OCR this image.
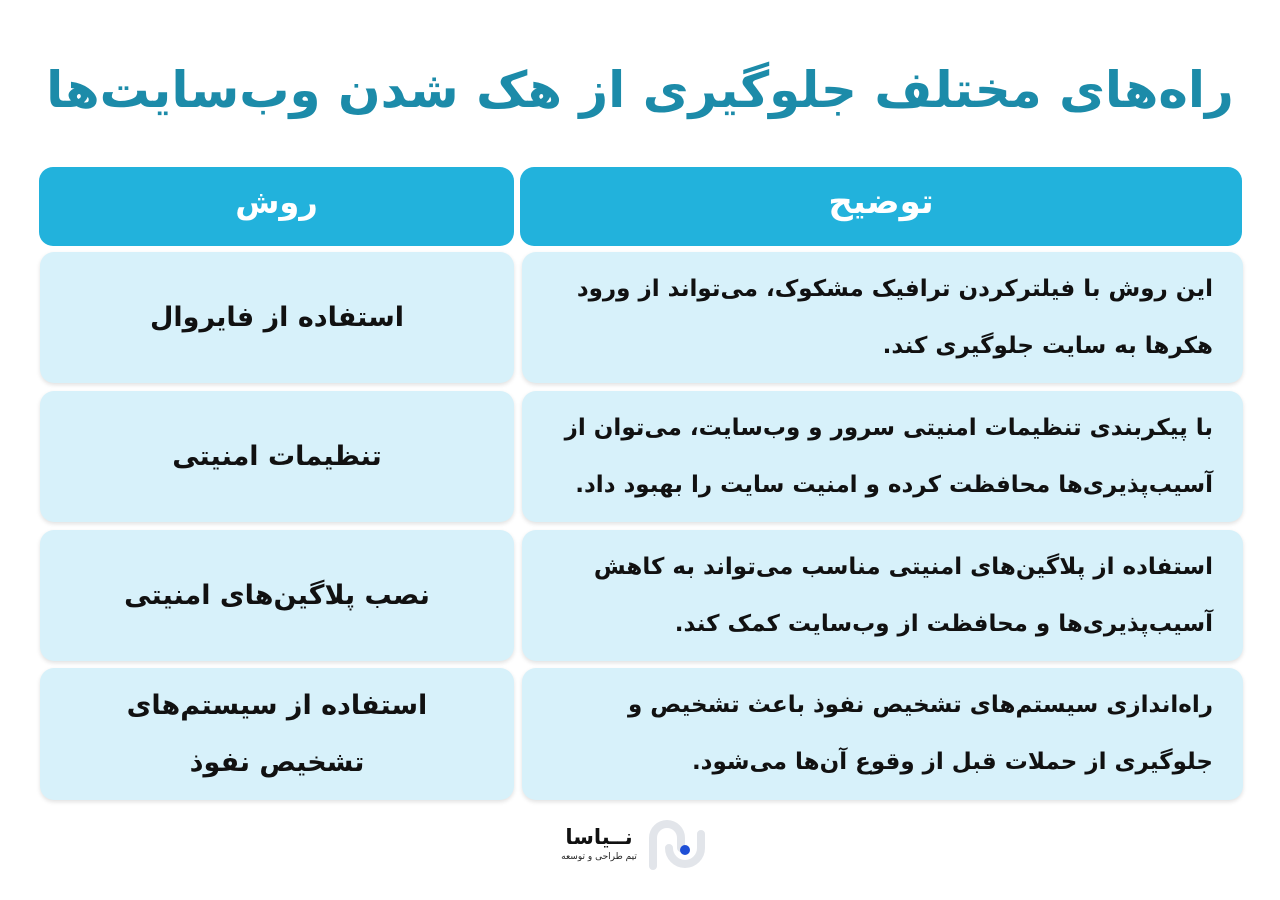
راه‌های مختلف جلوگیری از هک شدن وب‌سایت‌ها
توضیح
روش
این روش با فیلترکردن ترافیک مشکوک، می‌تواند از ورود هکرها به سایت جلوگیری کند.
استفاده از فایروال
با پیکربندی تنظیمات امنیتی سرور و وب‌سایت، می‌توان از آسیب‌پذیری‌ها محافظت کرده و امنیت سایت را بهبود داد.
تنظیمات امنیتی
استفاده از پلاگین‌های امنیتی مناسب می‌تواند به کاهش آسیب‌پذیری‌ها و محافظت از وب‌سایت کمک کند.
نصب پلاگین‌های امنیتی
راه‌اندازی سیستم‌های تشخیص نفوذ باعث تشخیص و جلوگیری از حملات قبل از وقوع آن‌ها می‌شود.
استفاده از سیستم‌های تشخیص نفوذ
نــیاسا
تیم طراحی و توسعه
